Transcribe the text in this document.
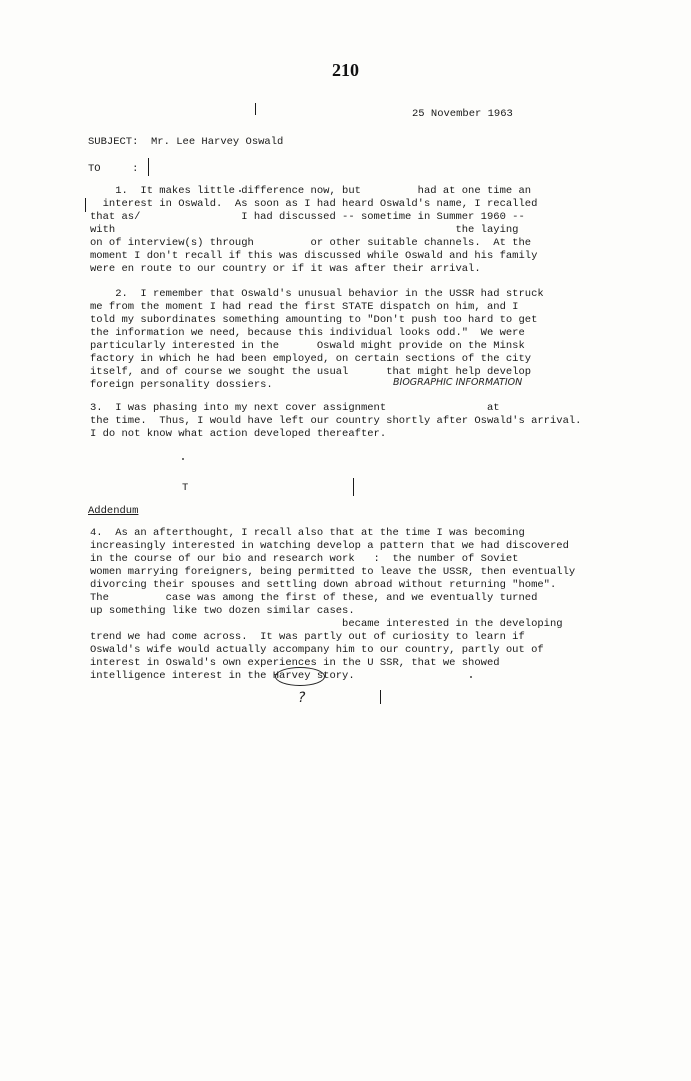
210
25 November 1963
SUBJECT:  Mr. Lee Harvey Oswald
TO     :
1.  It makes little difference now, but         had at one time an
interest in Oswald.  As soon as I had heard Oswald's name, I recalled
that as/                I had discussed -- sometime in Summer 1960 --
with                                                      the laying
on of interview(s) through         or other suitable channels.  At the
moment I don't recall if this was discussed while Oswald and his family
were en route to our country or if it was after their arrival.
2.  I remember that Oswald's unusual behavior in the USSR had struck
me from the moment I had read the first STATE dispatch on him, and I
told my subordinates something amounting to "Don't push too hard to get
the information we need, because this individual looks odd."  We were
particularly interested in the      Oswald might provide on the Minsk
factory in which he had been employed, on certain sections of the city
itself, and of course we sought the usual      that might help develop
foreign personality dossiers.	BIOGRAPHIC INFORMATION
3.  I was phasing into my next cover assignment                at
the time.  Thus, I would have left our country shortly after Oswald's arrival.
I do not know what action developed thereafter.
T
Addendum
4.  As an afterthought, I recall also that at the time I was becoming
increasingly interested in watching develop a pattern that we had discovered
in the course of our bio and research work   :  the number of Soviet
women marrying foreigners, being permitted to leave the USSR, then eventually
divorcing their spouses and settling down abroad without returning "home".
The         case was among the first of these, and we eventually turned
up something like two dozen similar cases.
became interested in the developing
trend we had come across.  It was partly out of curiosity to learn if
Oswald's wife would actually accompany him to our country, partly out of
interest in Oswald's own experiences in the U SSR, that we showed
intelligence interest in the Harvey story.
?
